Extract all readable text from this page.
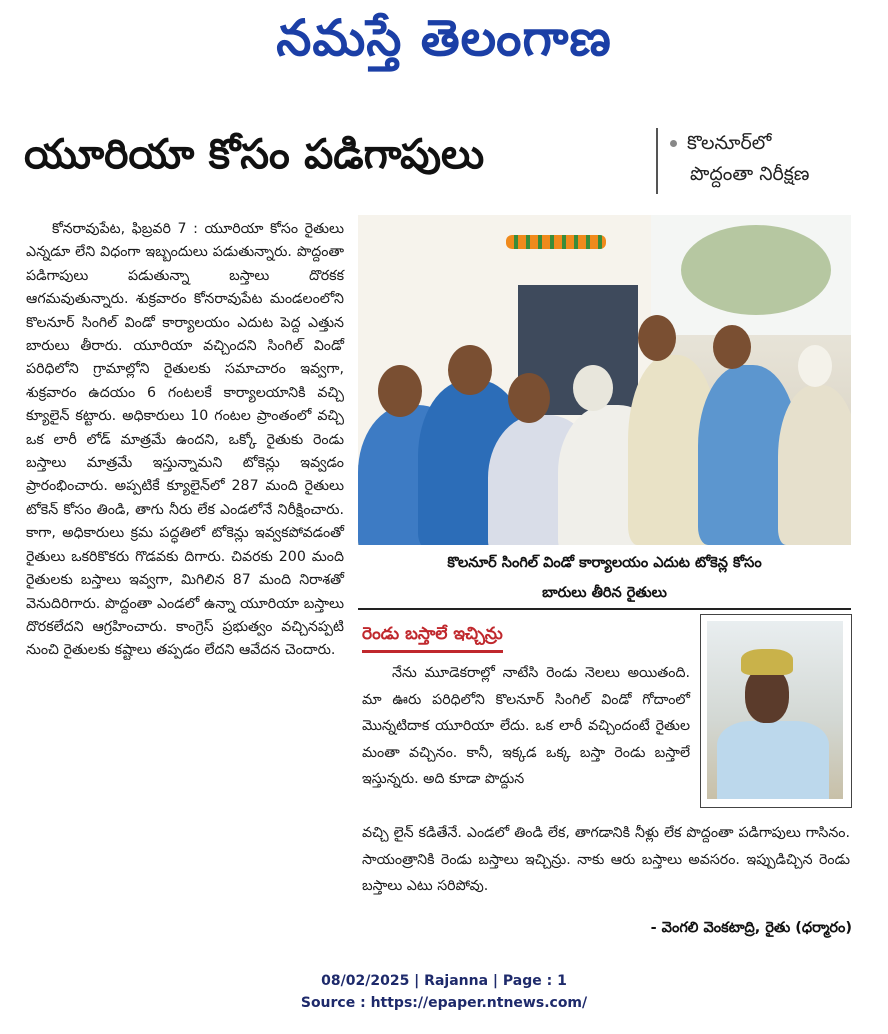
నమస్తే తెలంగాణ
యూరియా కోసం పడిగాపులు	కొలనూర్‌లో
పొద్దంతా నిరీక్షణ

కోనరావుపేట, ఫిబ్రవరి 7 : యూరియా కోసం రైతులు ఎన్నడూ లేని విధంగా ఇబ్బందులు పడుతున్నారు. పొద్దంతా పడిగాపులు పడుతున్నా బస్తాలు దొరకక ఆగమవుతున్నారు. శుక్రవారం కోనరావుపేట మండలంలోని కొలనూర్ సింగిల్ విండో కార్యాలయం ఎదుట పెద్ద ఎత్తున బారులు తీరారు. యూరియా వచ్చిందని సింగిల్ విండో పరిధిలోని గ్రామాల్లోని రైతులకు సమాచారం ఇవ్వగా, శుక్రవారం ఉదయం 6 గంటలకే కార్యాలయానికి వచ్చి క్యూలైన్ కట్టారు. అధికారులు 10 గంటల ప్రాంతంలో వచ్చి ఒక లారీ లోడ్ మాత్రమే ఉందని, ఒక్కో రైతుకు రెండు బస్తాలు మాత్రమే ఇస్తున్నామని టోకెన్లు ఇవ్వడం ప్రారంభించారు. అప్పటికే క్యూలైన్‌లో 287 మంది రైతులు టోకెన్ కోసం తిండి, తాగు నీరు లేక ఎండలోనే నిరీక్షించారు. కాగా, అధికారులు క్రమ పద్ధతిలో టోకెన్లు ఇవ్వకపోవడంతో రైతులు ఒకరికొకరు గొడవకు దిగారు. చివరకు 200 మంది రైతులకు బస్తాలు ఇవ్వగా, మిగిలిన 87 మంది నిరాశతో వెనుదిరిగారు. పొద్దంతా ఎండలో ఉన్నా యూరియా బస్తాలు దొరకలేదని ఆగ్రహించారు. కాంగ్రెస్ ప్రభుత్వం వచ్చినప్పటి నుంచి రైతులకు కష్టాలు తప్పడం లేదని ఆవేదన చెందారు.

కొలనూర్ సింగిల్ విండో కార్యాలయం ఎదుట టోకెన్ల కోసం
బారులు తీరిన రైతులు
రెండు బస్తాలే ఇచ్చిన్రు

నేను మూడెకరాల్లో నాటేసి రెండు నెలలు అయితంది. మా ఊరు పరిధిలోని కొలనూర్ సింగిల్ విండో గోదాంలో మొన్నటిదాక యూరియా లేదు. ఒక లారీ వచ్చిందంటే రైతుల మంతా వచ్చినం. కానీ, ఇక్కడ ఒక్క బస్తా రెండు బస్తాలే ఇస్తున్నరు. అది కూడా పొద్దున

వచ్చి లైన్ కడితేనే. ఎండలో తిండి లేక, తాగడానికి నీళ్లు లేక పొద్దంతా పడిగాపులు గాసినం. సాయంత్రానికి రెండు బస్తాలు ఇచ్చిన్రు. నాకు ఆరు బస్తాలు అవసరం. ఇప్పుడిచ్చిన రెండు బస్తాలు ఎటు సరిపోవు.
- వెంగలి వెంకటాద్రి, రైతు (ధర్మారం)
08/02/2025 | Rajanna | Page : 1
Source : https://epaper.ntnews.com/
